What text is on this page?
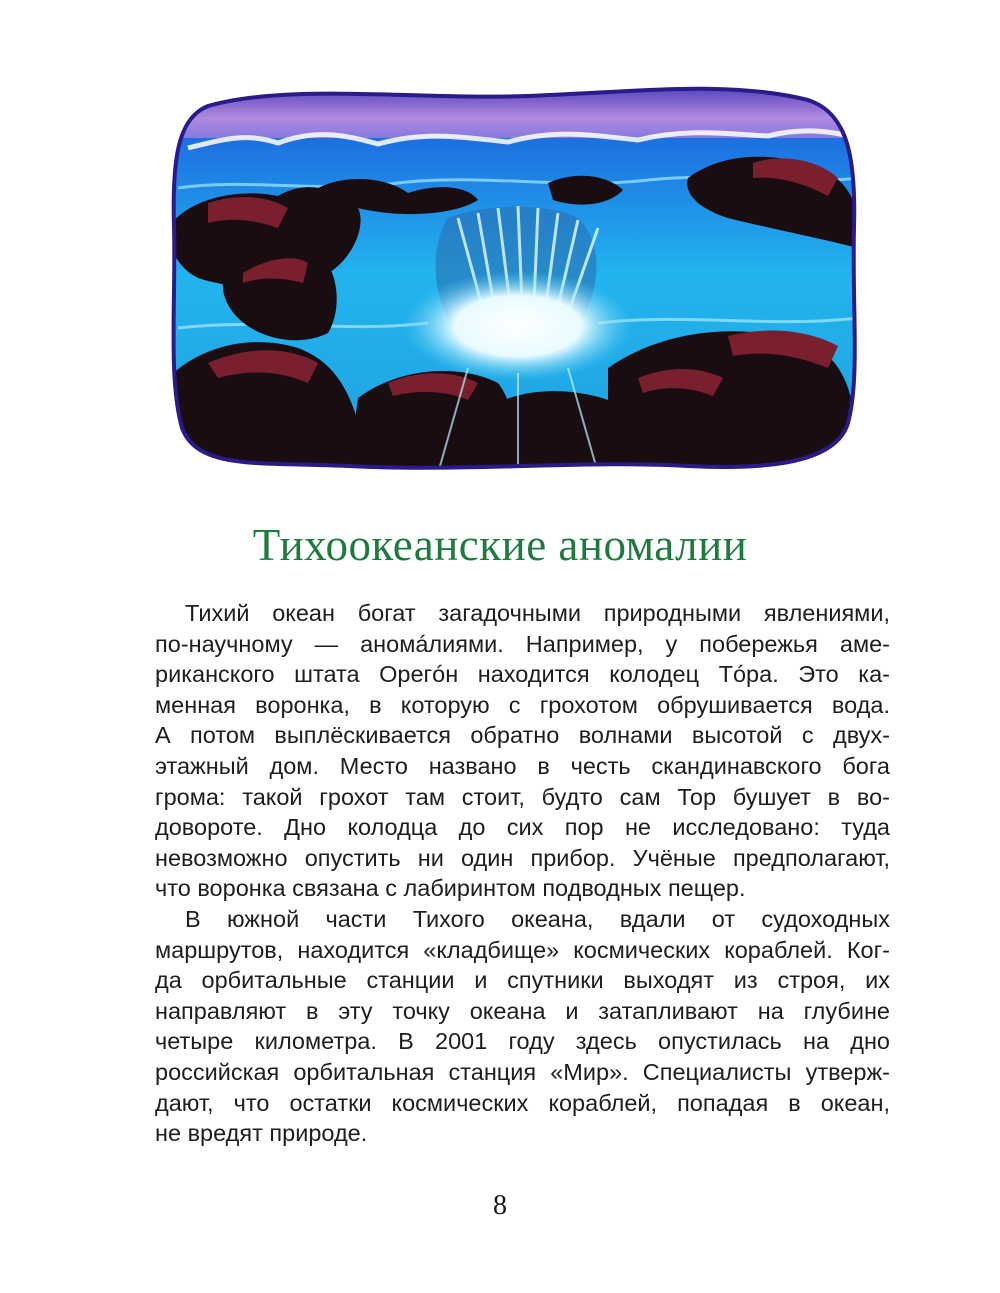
Тихоокеанские аномалии
Тихий океан богат загадочными природными явлениями,
по-научному — аномáлиями. Например, у побережья аме-
риканского штата Орегóн находится колодец Тóра. Это ка-
менная воронка, в которую с грохотом обрушивается вода.
А потом выплёскивается обратно волнами высотой с двух-
этажный дом. Место названо в честь скандинавского бога
грома: такой грохот там стоит, будто сам Тор бушует в во-
довороте. Дно колодца до сих пор не исследовано: туда
невозможно опустить ни один прибор. Учёные предполагают,
что воронка связана с лабиринтом подводных пещер.
В южной части Тихого океана, вдали от судоходных
маршрутов, находится «кладбище» космических кораблей. Ког-
да орбитальные станции и спутники выходят из строя, их
направляют в эту точку океана и затапливают на глубине
четыре километра. В 2001 году здесь опустилась на дно
российская орбитальная станция «Мир». Специалисты утверж-
дают, что остатки космических кораблей, попадая в океан,
не вредят природе.
8
